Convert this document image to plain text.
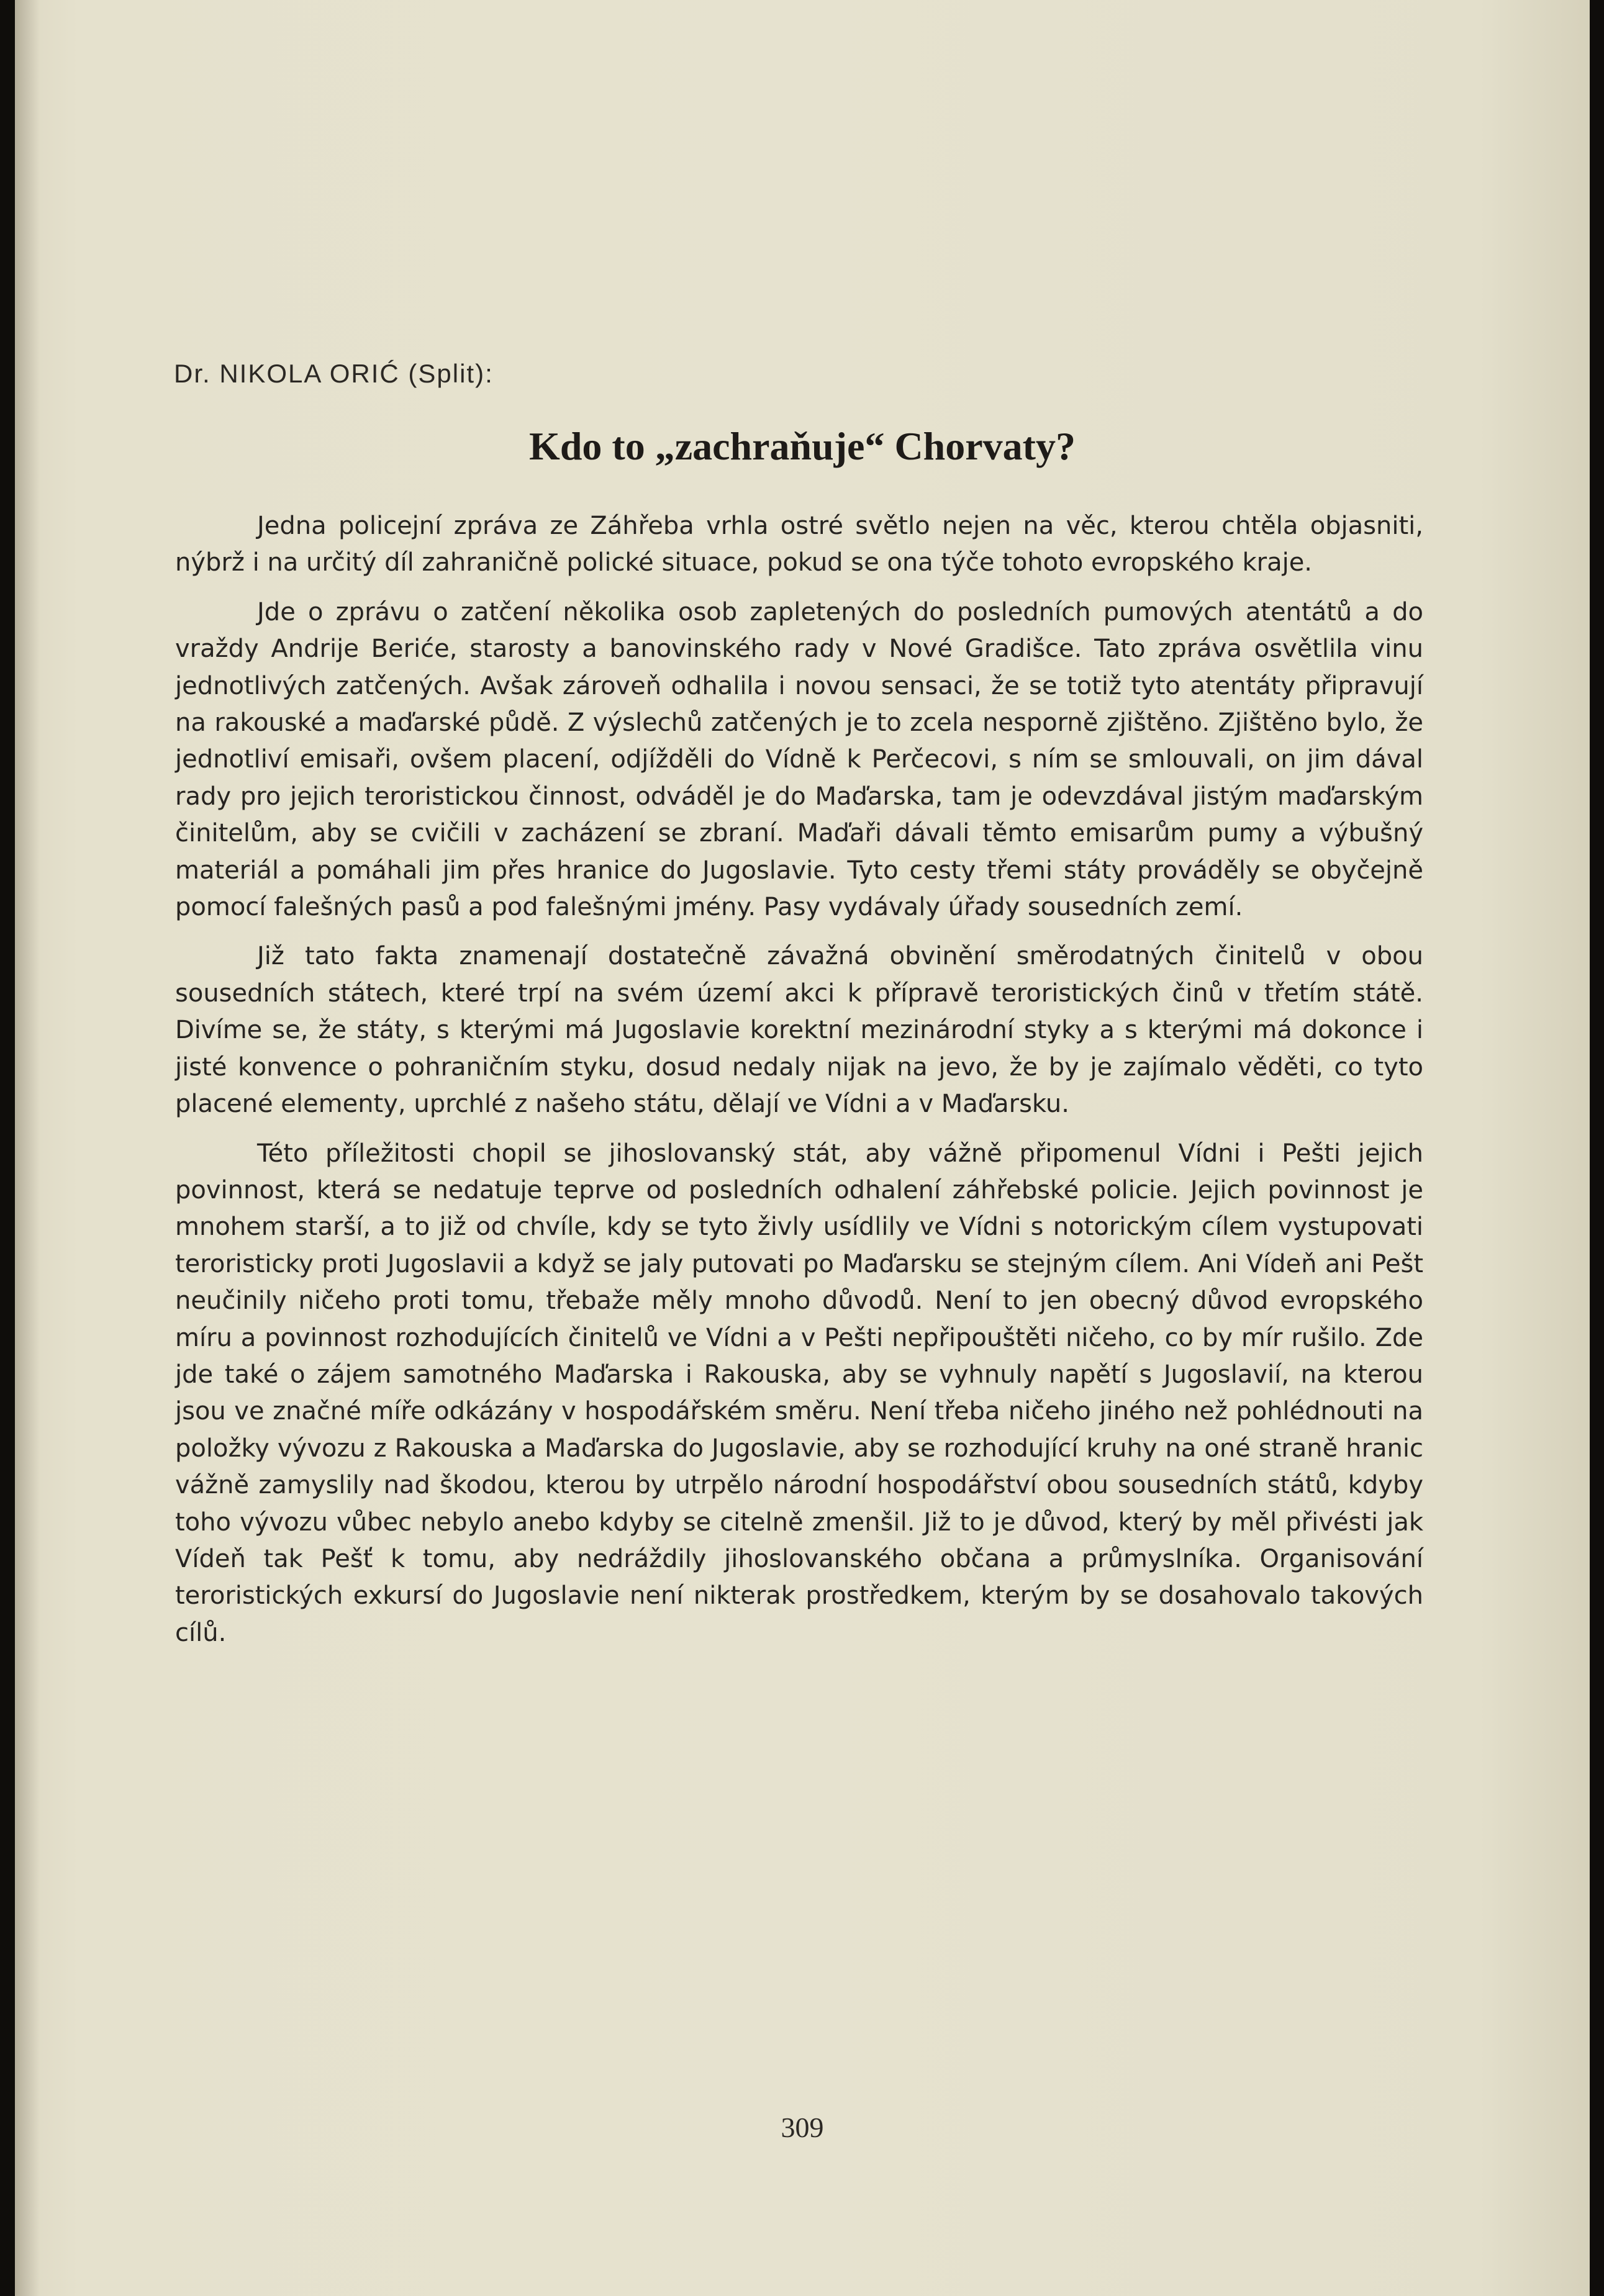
Dr. NIKOLA ORIĆ (Split):
Kdo to „zachraňuje“ Chorvaty?

Jedna policejní zpráva ze Záhřeba vrhla ostré světlo nejen na věc, kterou chtěla objasniti, nýbrž i na určitý díl zahraničně polické situace, pokud se ona týče tohoto evropského kraje.

Jde o zprávu o zatčení několika osob zapletených do posledních pumových atentátů a do vraždy Andrije Beriće, starosty a banovinského rady v Nové Gradišce. Tato zpráva osvětlila vinu jednotlivých zatčených. Avšak zároveň odhalila i novou sensaci, že se totiž tyto atentáty připravují na rakouské a maďarské půdě. Z výslechů zatčených je to zcela nesporně zjištěno. Zjištěno bylo, že jednotliví emisaři, ovšem placení, odjížděli do Vídně k Perčecovi, s ním se smlouvali, on jim dával rady pro jejich teroristickou činnost, odváděl je do Maďarska, tam je odevzdával jistým maďarským činitelům, aby se cvičili v zacházení se zbraní. Maďaři dávali těmto emisarům pumy a výbušný materiál a pomáhali jim přes hranice do Jugoslavie. Tyto cesty třemi státy prováděly se obyčejně pomocí falešných pasů a pod falešnými jmény. Pasy vydávaly úřady sousedních zemí.

Již tato fakta znamenají dostatečně závažná obvinění směrodatných činitelů v obou sousedních státech, které trpí na svém území akci k přípravě teroristických činů v třetím státě. Divíme se, že státy, s kterými má Jugoslavie korektní mezinárodní styky a s kterými má dokonce i jisté konvence o pohraničním styku, dosud nedaly nijak na jevo, že by je zajímalo věděti, co tyto placené elementy, uprchlé z našeho státu, dělají ve Vídni a v Maďarsku.

Této příležitosti chopil se jihoslovanský stát, aby vážně připomenul Vídni i Pešti jejich povinnost, která se nedatuje teprve od posledních odhalení záhřebské policie. Jejich povinnost je mnohem starší, a to již od chvíle, kdy se tyto živly usídlily ve Vídni s notorickým cílem vystupovati teroristicky proti Jugoslavii a když se jaly putovati po Maďarsku se stejným cílem. Ani Vídeň ani Pešt neučinily ničeho proti tomu, třebaže měly mnoho důvodů. Není to jen obecný důvod evropského míru a povinnost rozhodujících činitelů ve Vídni a v Pešti nepřipouštěti ničeho, co by mír rušilo. Zde jde také o zájem samotného Maďarska i Rakouska, aby se vyhnuly napětí s Jugoslavií, na kterou jsou ve značné míře odkázány v hospodářském směru. Není třeba ničeho jiného než pohlédnouti na položky vývozu z Rakouska a Maďarska do Jugoslavie, aby se rozhodující kruhy na oné straně hranic vážně zamyslily nad škodou, kterou by utrpělo národní hospodářství obou sousedních států, kdyby toho vývozu vůbec nebylo anebo kdyby se citelně zmenšil. Již to je důvod, který by měl přivésti jak Vídeň tak Pešť k tomu, aby nedráždily jihoslovanského občana a průmyslníka. Organisování teroristických exkursí do Jugoslavie není nikterak prostředkem, kterým by se dosahovalo takových cílů.

309
